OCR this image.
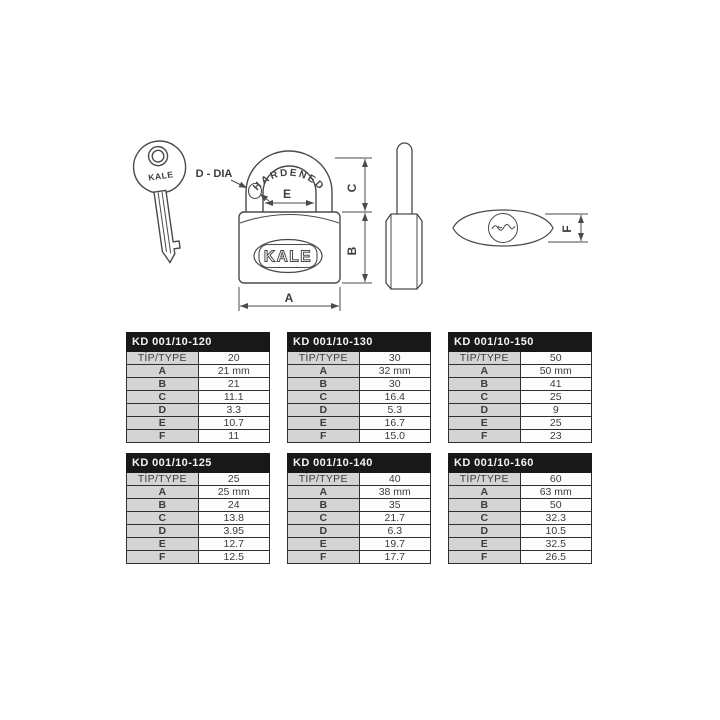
KALE D - DIA
HARDENED
KALE
E	C
B
A
F
KD 001/10-120	
TİP/TYPE	20
A	21 mm
B	21
C	11.1
D	3.3
E	10.7
F	11
KD 001/10-130	
TİP/TYPE	30
A	32 mm
B	30
C	16.4
D	5.3
E	16.7
F	15.0
KD 001/10-150	
TİP/TYPE	50
A	50 mm
B	41
C	25
D	9
E	25
F	23
KD 001/10-125	
TİP/TYPE	25
A	25 mm
B	24
C	13.8
D	3.95
E	12.7
F	12.5
KD 001/10-140	
TİP/TYPE	40
A	38 mm
B	35
C	21.7
D	6.3
E	19.7
F	17.7
KD 001/10-160	
TİP/TYPE	60
A	63 mm
B	50
C	32.3
D	10.5
E	32.5
F	26.5
